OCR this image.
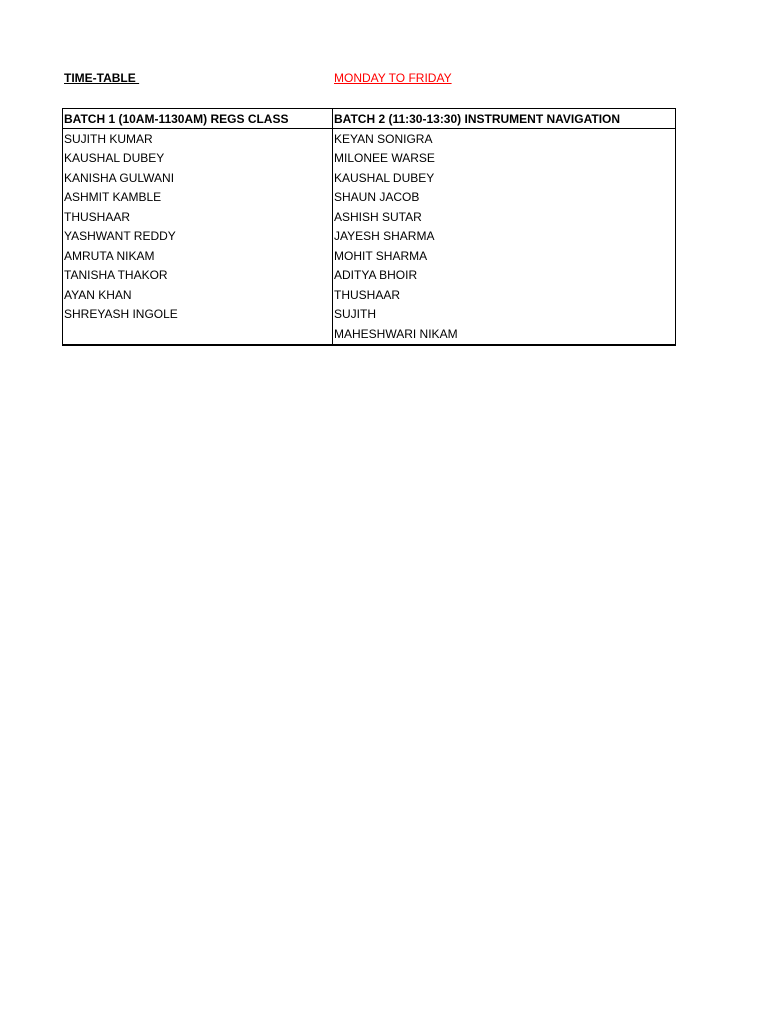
TIME-TABLE	MONDAY TO FRIDAY
BATCH 1 (10AM-1130AM) REGS CLASS	BATCH 2 (11:30-13:30) INSTRUMENT NAVIGATION
SUJITH KUMAR	KEYAN SONIGRA
KAUSHAL DUBEY	MILONEE WARSE
KANISHA GULWANI	KAUSHAL DUBEY
ASHMIT KAMBLE	SHAUN JACOB
THUSHAAR	ASHISH SUTAR
YASHWANT REDDY	JAYESH SHARMA
AMRUTA NIKAM	MOHIT SHARMA
TANISHA THAKOR	ADITYA BHOIR
AYAN KHAN	THUSHAAR
SHREYASH INGOLE	SUJITH
	MAHESHWARI NIKAM
